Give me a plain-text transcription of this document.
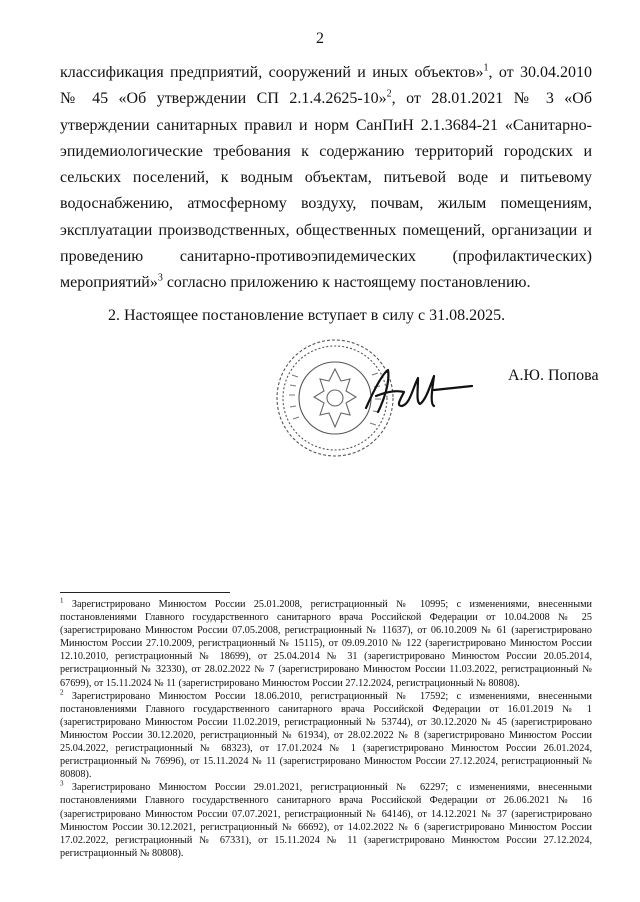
2

классификация предприятий, сооружений и иных объектов»$^1$, от 30.04.2010 № 45 «Об утверждении СП 2.1.4.2625-10»$^2$, от 28.01.2021 № 3 «Об утверждении санитарных правил и норм СанПиН 2.1.3684-21 «Санитарно-эпидемиологические требования к содержанию территорий городских и сельских поселений, к водным объектам, питьевой воде и питьевому водоснабжению, атмосферному воздуху, почвам, жилым помещениям, эксплуатации производственных, общественных помещений, организации и проведению санитарно-противоэпидемических (профилактических) мероприятий»$^3$ согласно приложению к настоящему постановлению.

2. Настоящее постановление вступает в силу с 31.08.2025.

А.Ю. Попова

$^1$ Зарегистрировано Минюстом России 25.01.2008, регистрационный № 10995; с изменениями, внесенными постановлениями Главного государственного санитарного врача Российской Федерации от 10.04.2008 № 25 (зарегистрировано Минюстом России 07.05.2008, регистрационный № 11637), от 06.10.2009 № 61 (зарегистрировано Минюстом России 27.10.2009, регистрационный № 15115), от 09.09.2010 № 122 (зарегистрировано Минюстом России 12.10.2010, регистрационный № 18699), от 25.04.2014 № 31 (зарегистрировано Минюстом России 20.05.2014, регистрационный № 32330), от 28.02.2022 № 7 (зарегистрировано Минюстом России 11.03.2022, регистрационный № 67699), от 15.11.2024 № 11 (зарегистрировано Минюстом России 27.12.2024, регистрационный № 80808).

$^2$ Зарегистрировано Минюстом России 18.06.2010, регистрационный № 17592; с изменениями, внесенными постановлениями Главного государственного санитарного врача Российской Федерации от 16.01.2019 № 1 (зарегистрировано Минюстом России 11.02.2019, регистрационный № 53744), от 30.12.2020 № 45 (зарегистрировано Минюстом России 30.12.2020, регистрационный № 61934), от 28.02.2022 № 8 (зарегистрировано Минюстом России 25.04.2022, регистрационный № 68323), от 17.01.2024 № 1 (зарегистрировано Минюстом России 26.01.2024, регистрационный № 76996), от 15.11.2024 № 11 (зарегистрировано Минюстом России 27.12.2024, регистрационный № 80808).

$^3$ Зарегистрировано Минюстом России 29.01.2021, регистрационный № 62297; с изменениями, внесенными постановлениями Главного государственного санитарного врача Российской Федерации от 26.06.2021 № 16 (зарегистрировано Минюстом России 07.07.2021, регистрационный № 64146), от 14.12.2021 № 37 (зарегистрировано Минюстом России 30.12.2021, регистрационный № 66692), от 14.02.2022 № 6 (зарегистрировано Минюстом России 17.02.2022, регистрационный № 67331), от 15.11.2024 № 11 (зарегистрировано Минюстом России 27.12.2024, регистрационный № 80808).
